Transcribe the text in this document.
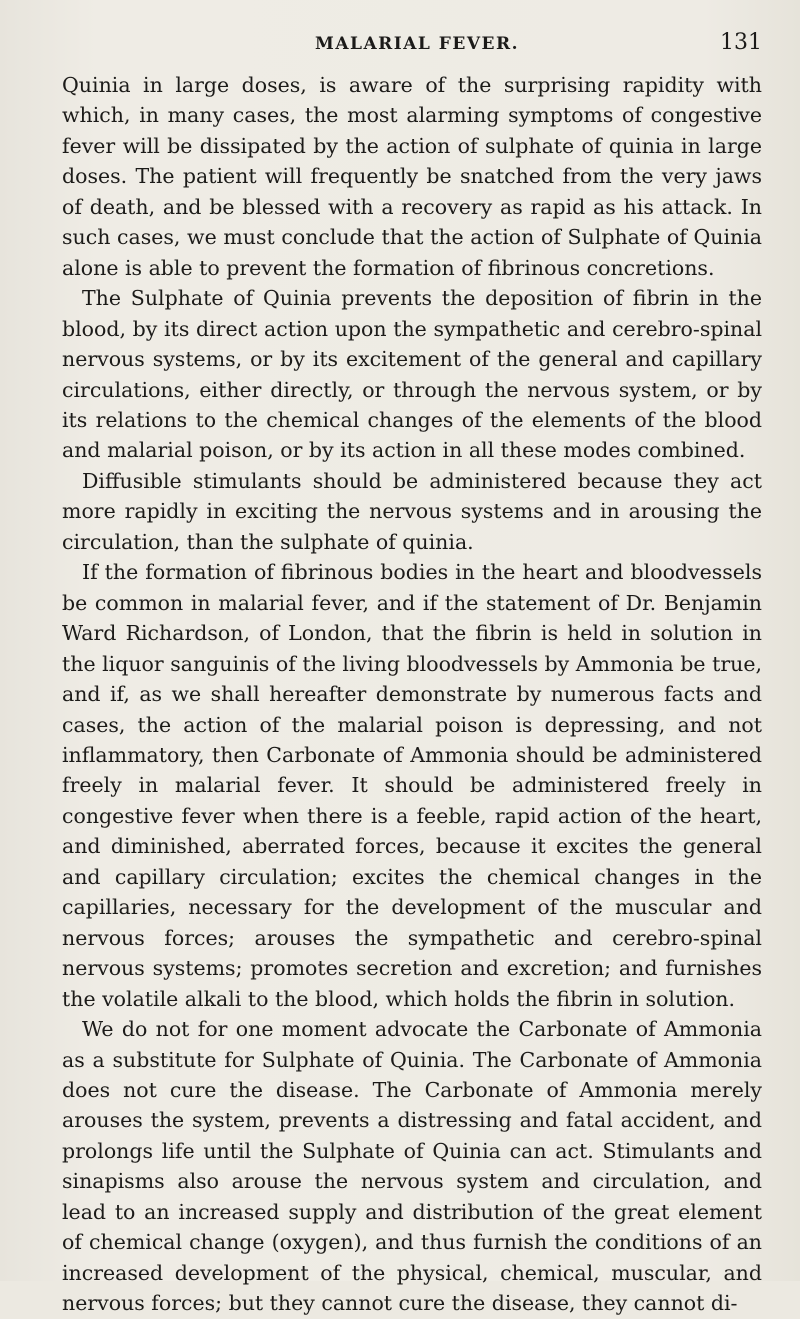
MALARIAL FEVER.	131

Quinia in large doses, is aware of the surprising rapidity with which, in many cases, the most alarming symptoms of congestive fever will be dissipated by the action of sulphate of quinia in large doses. The patient will frequently be snatched from the very jaws of death, and be blessed with a recovery as rapid as his attack. In such cases, we must conclude that the action of Sulphate of Quinia alone is able to prevent the formation of fibrinous concretions.

The Sulphate of Quinia prevents the deposition of fibrin in the blood, by its direct action upon the sympathetic and cerebro-spinal nervous systems, or by its excitement of the general and capillary circulations, either directly, or through the nervous system, or by its relations to the chemical changes of the elements of the blood and malarial poison, or by its action in all these modes combined.

Diffusible stimulants should be administered because they act more rapidly in exciting the nervous systems and in arousing the circulation, than the sulphate of quinia.

If the formation of fibrinous bodies in the heart and bloodvessels be common in malarial fever, and if the statement of Dr. Benjamin Ward Richardson, of London, that the fibrin is held in solution in the liquor sanguinis of the living bloodvessels by Ammonia be true, and if, as we shall hereafter demonstrate by numerous facts and cases, the action of the malarial poison is depressing, and not inflammatory, then Carbonate of Ammonia should be administered freely in malarial fever. It should be administered freely in congestive fever when there is a feeble, rapid action of the heart, and diminished, aberrated forces, because it excites the general and capillary circulation; excites the chemical changes in the capillaries, necessary for the development of the muscular and nervous forces; arouses the sympathetic and cerebro-spinal nervous systems; promotes secretion and excretion; and furnishes the volatile alkali to the blood, which holds the fibrin in solution.

We do not for one moment advocate the Carbonate of Ammonia as a substitute for Sulphate of Quinia. The Carbonate of Ammonia does not cure the disease. The Carbonate of Ammonia merely arouses the system, prevents a distressing and fatal accident, and prolongs life until the Sulphate of Quinia can act. Stimulants and sinapisms also arouse the nervous system and circulation, and lead to an increased supply and distribution of the great element of chemical change (oxygen), and thus furnish the conditions of an increased development of the physical, chemical, muscular, and nervous forces; but they cannot cure the disease, they cannot di-
